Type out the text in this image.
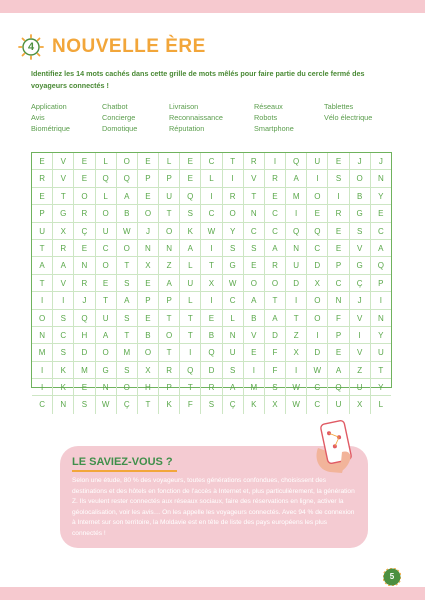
4 NOUVELLE ÈRE
Identifiez les 14 mots cachés dans cette grille de mots mêlés pour faire partie du cercle fermé des voyageurs connectés !
Application	Chatbot	Livraison	Réseaux	Tablettes
Avis	Concierge	Reconnaissance	Robots	Vélo électrique
Biométrique	Domotique	Réputation	Smartphone
E	V	E	L	O	E	L	E	C	T	R	I	Q	U	E	J	J
R	V	E	Q	Q	P	P	E	L	I	V	R	A	I	S	O	N
E	T	O	L	A	E	U	Q	I	R	T	E	M	O	I	B	Y
P	G	R	O	B	O	T	S	C	O	N	C	I	E	R	G	E
U	X	Ç	U	W	J	O	K	W	Y	C	C	Q	Q	E	S	C
T	R	E	C	O	N	N	A	I	S	S	A	N	C	E	V	A
A	A	N	O	T	X	Z	L	T	G	E	R	U	D	P	G	Q
T	V	R	E	S	E	A	U	X	W	O	O	D	X	C	Ç	P
I	I	J	T	A	P	P	L	I	C	A	T	I	O	N	J	I
O	S	Q	U	S	E	T	T	E	L	B	A	T	O	F	V	N
N	C	H	A	T	B	O	T	B	N	V	D	Z	I	P	I	Y
M	S	D	O	M	O	T	I	Q	U	E	F	X	D	E	V	U
I	K	M	G	S	X	R	Q	D	S	I	F	I	W	A	Z	T
I	K	E	N	O	H	P	T	R	A	M	S	W	C	Q	U	Y
C	N	S	W	Ç	T	K	F	S	Ç	K	X	W	C	U	X	L
LE SAVIEZ-VOUS ?
Selon une étude, 80 % des voyageurs, toutes générations confondues, choisissent des destinations et des hôtels en fonction de l'accès à Internet et, plus particulièrement, la génération Z. Ils veulent rester connectés aux réseaux sociaux, faire des réservations en ligne, activer la géolocalisation, voir les avis… On les appelle les voyageurs connectés. Avec 94 % de connexion à Internet sur son territoire, la Moldavie est en tête de liste des pays européens les plus connectés !
5
